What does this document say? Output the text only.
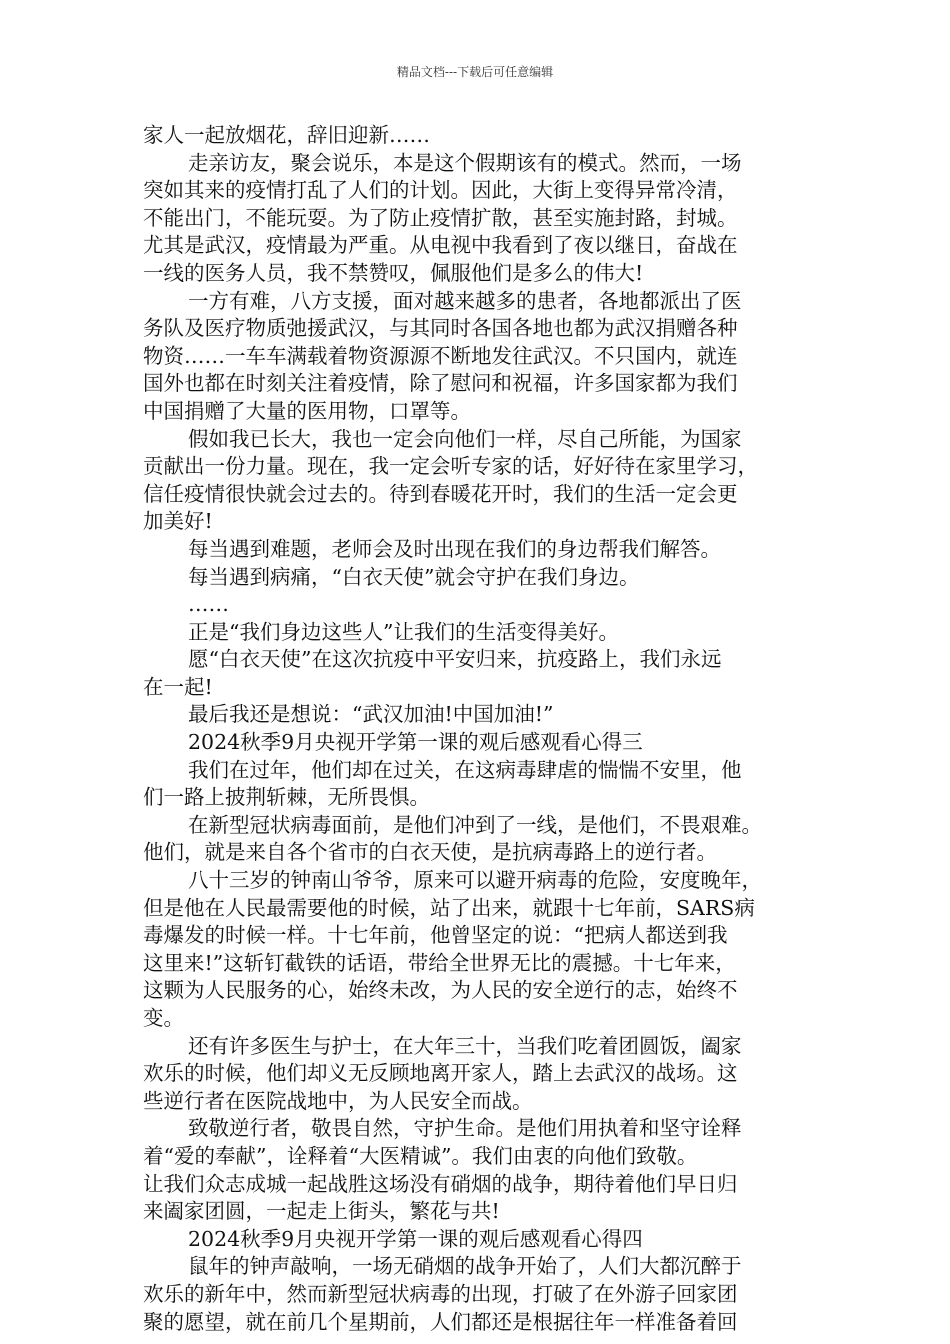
精品文档---下载后可任意编辑
家人一起放烟花，辞旧迎新……
走亲访友，聚会说乐，本是这个假期该有的模式。然而，一场
突如其来的疫情打乱了人们的计划。因此，大街上变得异常冷清，
不能出门，不能玩耍。为了防止疫情扩散，甚至实施封路，封城。
尤其是武汉，疫情最为严重。从电视中我看到了夜以继日，奋战在
一线的医务人员，我不禁赞叹，佩服他们是多么的伟大!
一方有难，八方支援，面对越来越多的患者，各地都派出了医
务队及医疗物质弛援武汉，与其同时各国各地也都为武汉捐赠各种
物资……一车车满载着物资源源不断地发往武汉。不只国内，就连
国外也都在时刻关注着疫情，除了慰问和祝福，许多国家都为我们
中国捐赠了大量的医用物，口罩等。
假如我已长大，我也一定会向他们一样，尽自己所能，为国家
贡献出一份力量。现在，我一定会听专家的话，好好待在家里学习，
信任疫情很快就会过去的。待到春暖花开时，我们的生活一定会更
加美好!
每当遇到难题，老师会及时出现在我们的身边帮我们解答。
每当遇到病痛，“白衣天使”就会守护在我们身边。
……
正是“我们身边这些人”让我们的生活变得美好。
愿“白衣天使”在这次抗疫中平安归来，抗疫路上，我们永远
在一起!
最后我还是想说：“武汉加油!中国加油!”
2024秋季9月央视开学第一课的观后感观看心得三
我们在过年，他们却在过关，在这病毒肆虐的惴惴不安里，他
们一路上披荆斩棘，无所畏惧。
在新型冠状病毒面前，是他们冲到了一线，是他们，不畏艰难。
他们，就是来自各个省市的白衣天使，是抗病毒路上的逆行者。
八十三岁的钟南山爷爷，原来可以避开病毒的危险，安度晚年，
但是他在人民最需要他的时候，站了出来，就跟十七年前，SARS病
毒爆发的时候一样。十七年前，他曾坚定的说：“把病人都送到我
这里来!”这斩钉截铁的话语，带给全世界无比的震撼。十七年来，
这颗为人民服务的心，始终未改，为人民的安全逆行的志，始终不
变。
还有许多医生与护士，在大年三十，当我们吃着团圆饭，阖家
欢乐的时候，他们却义无反顾地离开家人，踏上去武汉的战场。这
些逆行者在医院战地中，为人民安全而战。
致敬逆行者，敬畏自然，守护生命。是他们用执着和坚守诠释
着“爱的奉献”，诠释着“大医精诚”。我们由衷的向他们致敬。
让我们众志成城一起战胜这场没有硝烟的战争，期待着他们早日归
来阖家团圆，一起走上街头，繁花与共!
2024秋季9月央视开学第一课的观后感观看心得四
鼠年的钟声敲响，一场无硝烟的战争开始了，人们大都沉醉于
欢乐的新年中，然而新型冠状病毒的出现，打破了在外游子回家团
聚的愿望，就在前几个星期前，人们都还是根据往年一样准备着回
